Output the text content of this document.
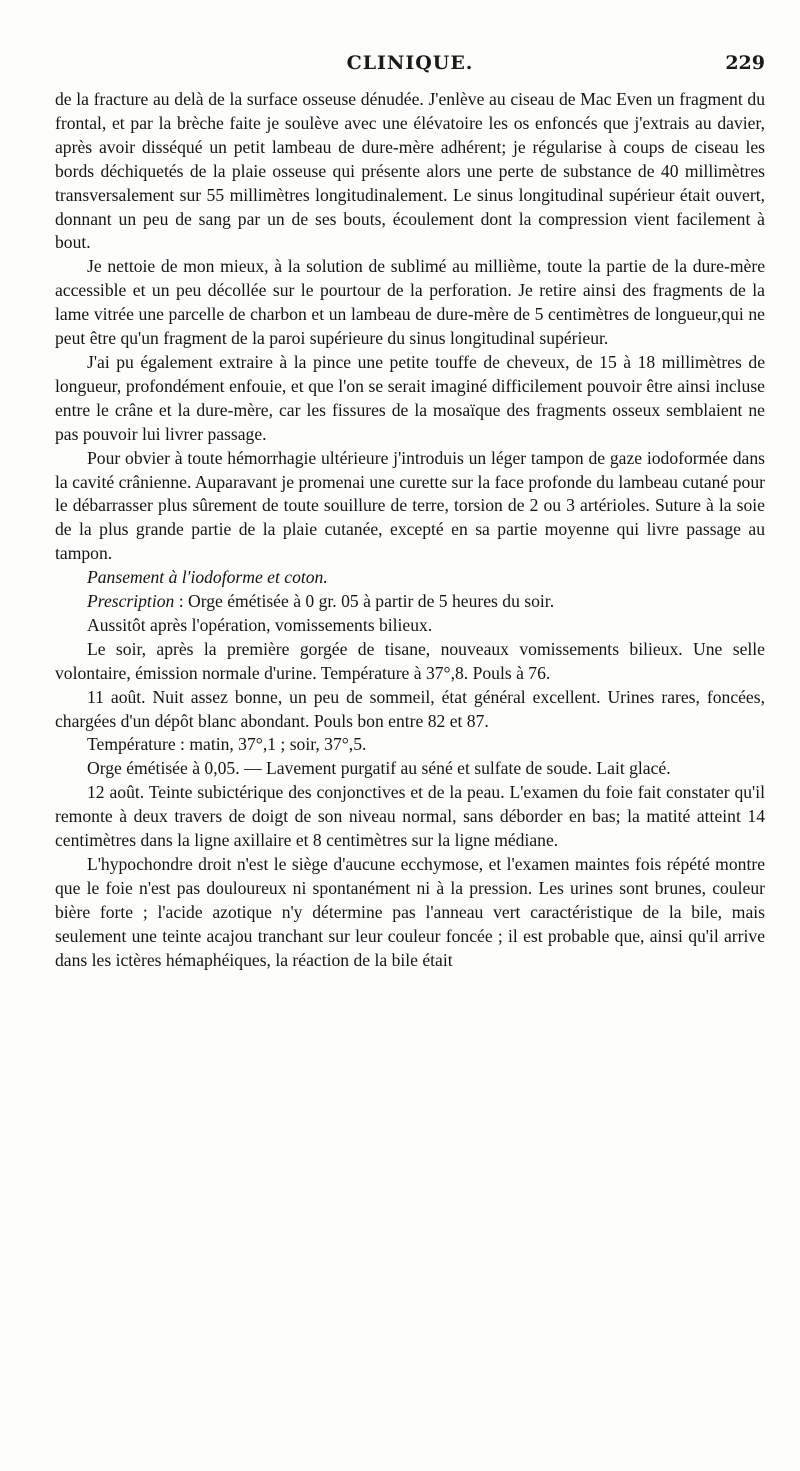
CLINIQUE.	229

de la fracture au delà de la surface osseuse dénudée. J'enlève au ciseau de Mac Even un fragment du frontal, et par la brèche faite je soulève avec une élévatoire les os enfoncés que j'extrais au davier, après avoir disséqué un petit lambeau de dure-mère adhérent; je régularise à coups de ciseau les bords déchiquetés de la plaie osseuse qui présente alors une perte de substance de 40 millimètres transversalement sur 55 millimètres longitudinalement. Le sinus longitudinal supérieur était ouvert, donnant un peu de sang par un de ses bouts, écoulement dont la compression vient facilement à bout.

Je nettoie de mon mieux, à la solution de sublimé au millième, toute la partie de la dure-mère accessible et un peu décollée sur le pourtour de la perforation. Je retire ainsi des fragments de la lame vitrée une parcelle de charbon et un lambeau de dure-mère de 5 centimètres de longueur,qui ne peut être qu'un fragment de la paroi supérieure du sinus longitudinal supérieur.

J'ai pu également extraire à la pince une petite touffe de cheveux, de 15 à 18 millimètres de longueur, profondément enfouie, et que l'on se serait imaginé difficilement pouvoir être ainsi incluse entre le crâne et la dure-mère, car les fissures de la mosaïque des fragments osseux semblaient ne pas pouvoir lui livrer passage.

Pour obvier à toute hémorrhagie ultérieure j'introduis un léger tampon de gaze iodoformée dans la cavité crânienne. Auparavant je promenai une curette sur la face profonde du lambeau cutané pour le débarrasser plus sûrement de toute souillure de terre, torsion de 2 ou 3 artérioles. Suture à la soie de la plus grande partie de la plaie cutanée, excepté en sa partie moyenne qui livre passage au tampon.

Pansement à l'iodoforme et coton.

Prescription : Orge émétisée à 0 gr. 05 à partir de 5 heures du soir.

Aussitôt après l'opération, vomissements bilieux.

Le soir, après la première gorgée de tisane, nouveaux vomissements bilieux. Une selle volontaire, émission normale d'urine. Température à 37°,8. Pouls à 76.

11 août. Nuit assez bonne, un peu de sommeil, état général excellent. Urines rares, foncées, chargées d'un dépôt blanc abondant. Pouls bon entre 82 et 87.

Température : matin, 37°,1 ; soir, 37°,5.

Orge émétisée à 0,05. — Lavement purgatif au séné et sulfate de soude. Lait glacé.

12 août. Teinte subictérique des conjonctives et de la peau. L'examen du foie fait constater qu'il remonte à deux travers de doigt de son niveau normal, sans déborder en bas; la matité atteint 14 centimètres dans la ligne axillaire et 8 centimètres sur la ligne médiane.

L'hypochondre droit n'est le siège d'aucune ecchymose, et l'examen maintes fois répété montre que le foie n'est pas douloureux ni spontanément ni à la pression. Les urines sont brunes, couleur bière forte ; l'acide azotique n'y détermine pas l'anneau vert caractéristique de la bile, mais seulement une teinte acajou tranchant sur leur couleur foncée ; il est probable que, ainsi qu'il arrive dans les ictères hémaphéiques, la réaction de la bile était
